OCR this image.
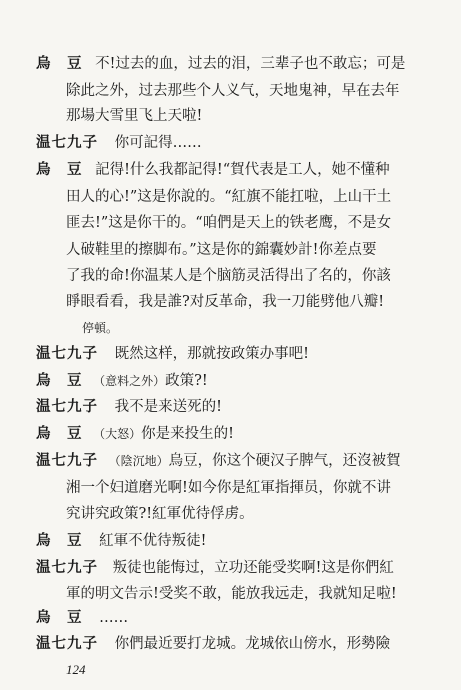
烏　豆 不!过去的血，过去的泪，三辈子也不敢忘；可是
除此之外，过去那些个人义气，天地鬼神，早在去年
那場大雪里飞上天啦!
温七九子 你可記得……
烏　豆 記得!什么我都記得!“賀代表是工人，她不懂种
田人的心!”这是你說的。“紅旗不能扛啦，上山干土
匪去!”这是你干的。“咱們是天上的铁老鹰，不是女
人破鞋里的擦脚布。”这是你的錦囊妙計!你差点要
了我的命!你温某人是个脑筋灵活得出了名的，你該
睜眼看看，我是誰?对反革命，我一刀能劈他八瓣!
停頓。
温七九子 既然这样，那就按政策办事吧!
烏　豆 （意料之外）政策?!
温七九子 我不是来送死的!
烏　豆 （大怒）你是来投生的!
温七九子 （陰沉地）烏豆，你这个硬汉子脾气，还沒被賀
湘一个妇道磨光啊!如今你是紅軍指揮员，你就不讲
究讲究政策?!紅軍优待俘虏。
烏　豆 紅軍不优待叛徒!
温七九子 叛徒也能悔过，立功还能受奖啊!这是你們紅
軍的明文告示!受奖不敢，能放我远走，我就知足啦!
烏　豆 ……
温七九子 你們最近要打龙城。龙城依山傍水，形勢險
124
